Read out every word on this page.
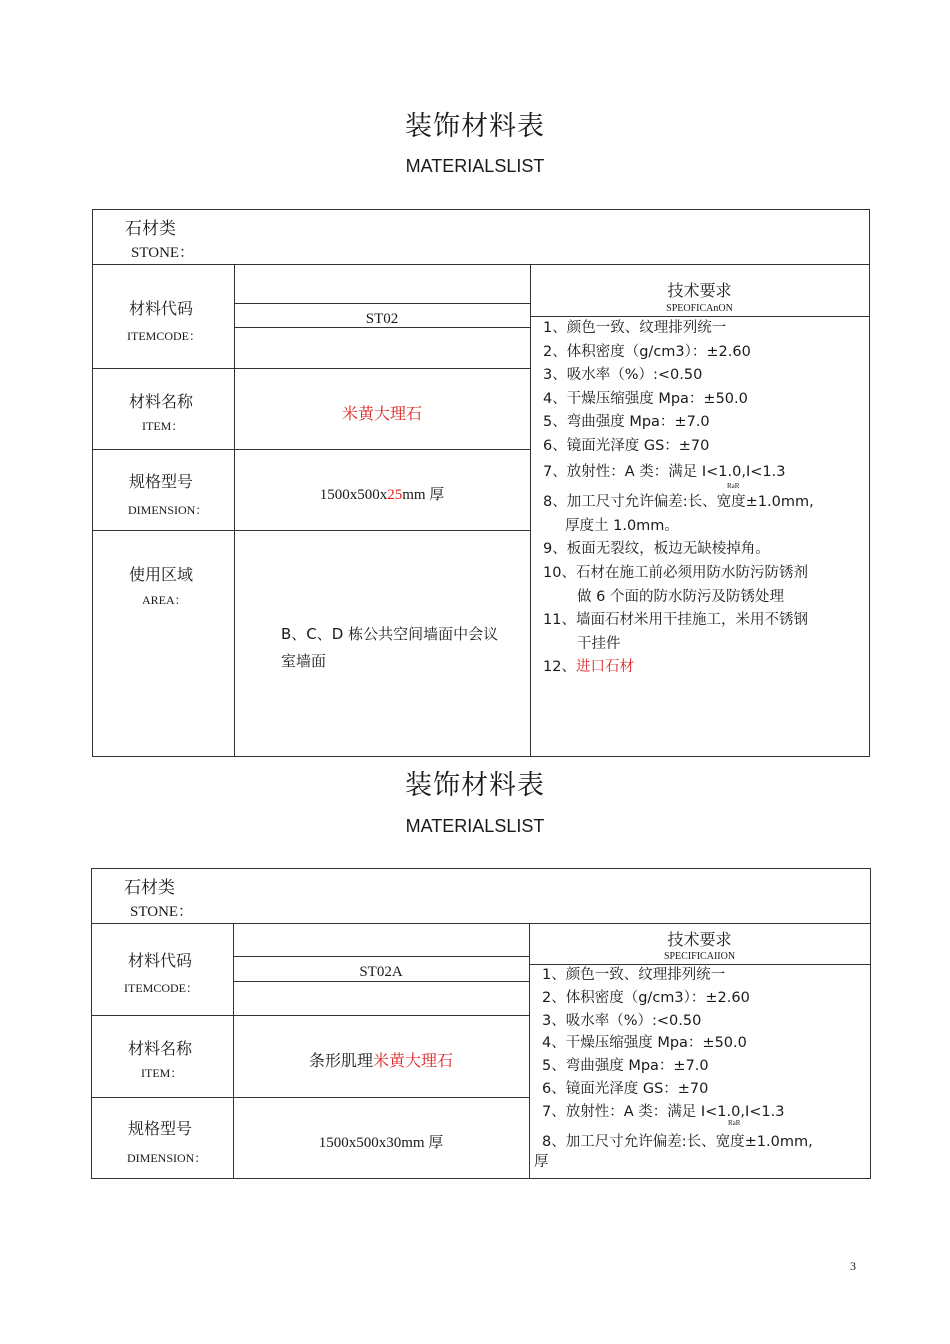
装饰材料表
MATERIALSLIST
石材类
STONE：
材料代码
ITEMCODE：
ST02
技术要求
SPEOFICAnON
材料名称
ITEM：
米黄大理石
规格型号
DIMENSION：
1500x500x25mm 厚
使用区域
AREA：
B、C、D 栋公共空间墙面中会议
室墙面
1、颜色一致、纹理排列统一
2、体积密度（g/cm3）：±2.60
3、吸水率（%）:<0.50
4、干燥压缩强度 Mpa：±50.0
5、弯曲强度 Mpa：±7.0
6、镜面光泽度 GS：±70
7、放射性：A 类：满足 I<1.0,I<1.3
8、加工尺寸允许偏差:长、宽度±1.0mm,
厚度土 1.0mm。
9、板面无裂纹，板边无缺棱掉角。
10、石材在施工前必须用防水防污防锈剂
做 6 个面的防水防污及防锈处理
11、墙面石材米用干挂施工，米用不锈钢
干挂件
12、进口石材
RaR
装饰材料表
MATERIALSLIST
石材类
STONE：
材料代码
ITEMCODE：
ST02A
技术要求
SPECIFICAIION
材料名称
ITEM：
条形肌理米黄大理石
规格型号
DIMENSION：
1500x500x30mm 厚
1、颜色一致、纹理排列统一
2、体积密度（g/cm3）：±2.60
3、吸水率（%）:<0.50
4、干燥压缩强度 Mpa：±50.0
5、弯曲强度 Mpa：±7.0
6、镜面光泽度 GS：±70
7、放射性：A 类：满足 I<1.0,I<1.3
8、加工尺寸允许偏差:长、宽度±1.0mm,
厚
RaR
3
